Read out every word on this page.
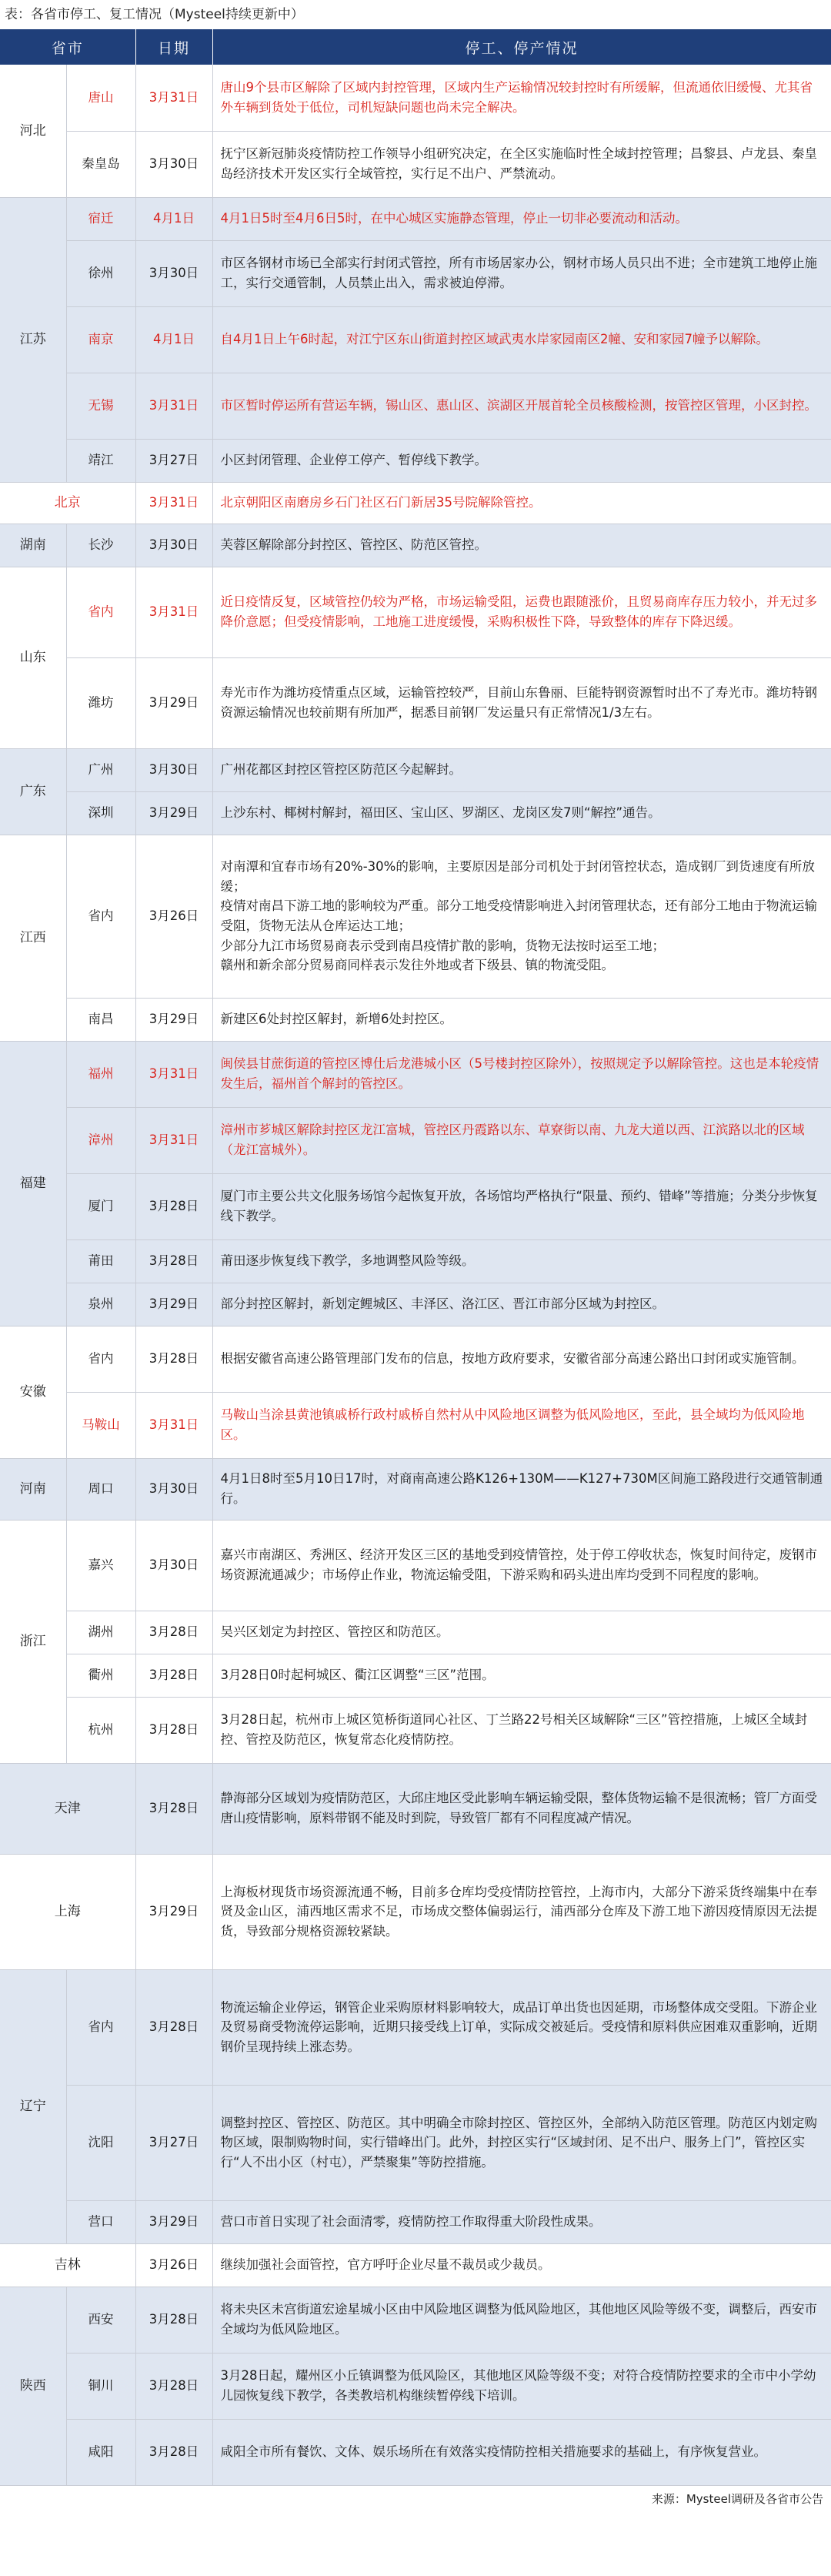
表：各省市停工、复工情况（Mysteel持续更新中）
省市		日期	停工、停产情况
河北	唐山	3月31日	唐山9个县市区解除了区域内封控管理，区域内生产运输情况较封控时有所缓解，但流通依旧缓慢、尤其省外车辆到货处于低位，司机短缺问题也尚未完全解决。
	秦皇岛	3月30日	抚宁区新冠肺炎疫情防控工作领导小组研究决定，在全区实施临时性全域封控管理；昌黎县、卢龙县、秦皇岛经济技术开发区实行全域管控，实行足不出户、严禁流动。
江苏	宿迁	4月1日	4月1日5时至4月6日5时，在中心城区实施静态管理，停止一切非必要流动和活动。
	徐州	3月30日	市区各钢材市场已全部实行封闭式管控，所有市场居家办公，钢材市场人员只出不进；全市建筑工地停止施工，实行交通管制，人员禁止出入，需求被迫停滞。
	南京	4月1日	自4月1日上午6时起，对江宁区东山街道封控区域武夷水岸家园南区2幢、安和家园7幢予以解除。
	无锡	3月31日	市区暂时停运所有营运车辆，锡山区、惠山区、滨湖区开展首轮全员核酸检测，按管控区管理，小区封控。
	靖江	3月27日	小区封闭管理、企业停工停产、暂停线下教学。
北京		3月31日	北京朝阳区南磨房乡石门社区石门新居35号院解除管控。
湖南	长沙	3月30日	芙蓉区解除部分封控区、管控区、防范区管控。
山东	省内	3月31日	近日疫情反复，区域管控仍较为严格，市场运输受阻，运费也跟随涨价，且贸易商库存压力较小，并无过多降价意愿；但受疫情影响，工地施工进度缓慢，采购积极性下降，导致整体的库存下降迟缓。
	潍坊	3月29日	寿光市作为潍坊疫情重点区域，运输管控较严，目前山东鲁丽、巨能特钢资源暂时出不了寿光市。潍坊特钢资源运输情况也较前期有所加严，据悉目前钢厂发运量只有正常情况1/3左右。
广东	广州	3月30日	广州花都区封控区管控区防范区今起解封。
	深圳	3月29日	上沙东村、椰树村解封，福田区、宝山区、罗湖区、龙岗区发7则“解控”通告。
江西	省内	3月26日	对南潭和宜春市场有20%-30%的影响，主要原因是部分司机处于封闭管控状态，造成钢厂到货速度有所放缓；
疫情对南昌下游工地的影响较为严重。部分工地受疫情影响进入封闭管理状态，还有部分工地由于物流运输受阻，货物无法从仓库运达工地；
少部分九江市场贸易商表示受到南昌疫情扩散的影响，货物无法按时运至工地；
赣州和新余部分贸易商同样表示发往外地或者下级县、镇的物流受阻。
	南昌	3月29日	新建区6处封控区解封，新增6处封控区。
福建	福州	3月31日	闽侯县甘蔗街道的管控区博仕后龙港城小区（5号楼封控区除外），按照规定予以解除管控。这也是本轮疫情发生后，福州首个解封的管控区。
	漳州	3月31日	漳州市芗城区解除封控区龙江富城，管控区丹霞路以东、草寮街以南、九龙大道以西、江滨路以北的区域（龙江富城外）。
	厦门	3月28日	厦门市主要公共文化服务场馆今起恢复开放，各场馆均严格执行“限量、预约、错峰”等措施；分类分步恢复线下教学。
	莆田	3月28日	莆田逐步恢复线下教学，多地调整风险等级。
	泉州	3月29日	部分封控区解封，新划定鲤城区、丰泽区、洛江区、晋江市部分区域为封控区。
安徽	省内	3月28日	根据安徽省高速公路管理部门发布的信息，按地方政府要求，安徽省部分高速公路出口封闭或实施管制。
	马鞍山	3月31日	马鞍山当涂县黄池镇戚桥行政村戚桥自然村从中风险地区调整为低风险地区，至此，县全域均为低风险地区。
河南	周口	3月30日	4月1日8时至5月10日17时，对商南高速公路K126+130M——K127+730M区间施工路段进行交通管制通行。
浙江	嘉兴	3月30日	嘉兴市南湖区、秀洲区、经济开发区三区的基地受到疫情管控，处于停工停收状态，恢复时间待定，废钢市场资源流通减少；市场停止作业，物流运输受阻，下游采购和码头进出库均受到不同程度的影响。
	湖州	3月28日	吴兴区划定为封控区、管控区和防范区。
	衢州	3月28日	3月28日0时起柯城区、衢江区调整“三区”范围。
	杭州	3月28日	3月28日起，杭州市上城区笕桥街道同心社区、丁兰路22号相关区域解除“三区”管控措施，上城区全域封控、管控及防范区，恢复常态化疫情防控。
天津		3月28日	静海部分区域划为疫情防范区，大邱庄地区受此影响车辆运输受限，整体货物运输不是很流畅；管厂方面受唐山疫情影响，原料带钢不能及时到院，导致管厂都有不同程度减产情况。
上海		3月29日	上海板材现货市场资源流通不畅，目前多仓库均受疫情防控管控，上海市内，大部分下游采货终端集中在奉贤及金山区，浦西地区需求不足，市场成交整体偏弱运行，浦西部分仓库及下游工地下游因疫情原因无法提货，导致部分规格资源较紧缺。
辽宁	省内	3月28日	物流运输企业停运，钢管企业采购原材料影响较大，成品订单出货也因延期，市场整体成交受阻。下游企业及贸易商受物流停运影响，近期只接受线上订单，实际成交被延后。受疫情和原料供应困难双重影响，近期钢价呈现持续上涨态势。
	沈阳	3月27日	调整封控区、管控区、防范区。其中明确全市除封控区、管控区外，全部纳入防范区管理。防范区内划定购物区域，限制购物时间，实行错峰出门。此外，封控区实行“区域封闭、足不出户、服务上门”，管控区实行“人不出小区（村屯），严禁聚集”等防控措施。
	营口	3月29日	营口市首日实现了社会面清零，疫情防控工作取得重大阶段性成果。
吉林		3月26日	继续加强社会面管控，官方呼吁企业尽量不裁员或少裁员。
陕西	西安	3月28日	将未央区未宫街道宏途星城小区由中风险地区调整为低风险地区，其他地区风险等级不变，调整后，西安市全域均为低风险地区。
	铜川	3月28日	3月28日起，耀州区小丘镇调整为低风险区，其他地区风险等级不变；对符合疫情防控要求的全市中小学幼儿园恢复线下教学，各类教培机构继续暂停线下培训。
	咸阳	3月28日	咸阳全市所有餐饮、文体、娱乐场所在有效落实疫情防控相关措施要求的基础上，有序恢复营业。
来源：Mysteel调研及各省市公告
